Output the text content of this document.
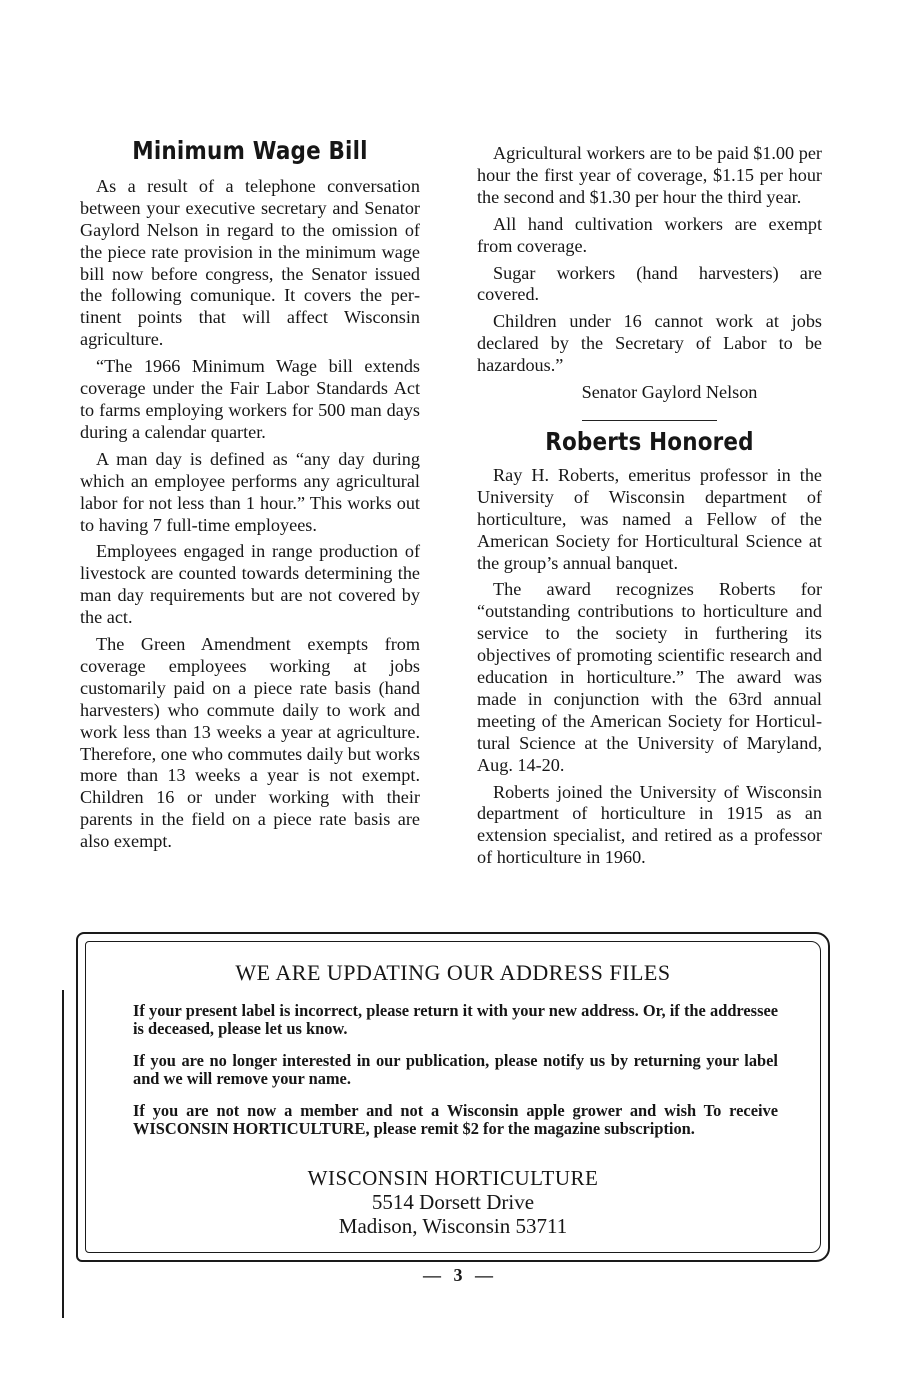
Minimum Wage Bill

As a result of a telephone conversation between your executive secretary and Senator Gaylord Nelson in regard to the omission of the piece rate provision in the minimum wage bill now before congress, the Senator issued the following comunique. It covers the pertinent points that will affect Wisconsin agriculture.

“The 1966 Minimum Wage bill extends coverage under the Fair Labor Standards Act to farms employing workers for 500 man days during a calendar quarter.

A man day is defined as “any day during which an employee performs any agricultural labor for not less than 1 hour.” This works out to having 7 full-time employees.

Employees engaged in range production of livestock are counted towards determining the man day requirements but are not covered by the act.

The Green Amendment exempts from coverage employees working at jobs customarily paid on a piece rate basis (hand harvesters) who commute daily to work and work less than 13 weeks a year at agriculture. Therefore, one who commutes daily but works more than 13 weeks a year is not exempt. Children 16 or under working with their parents in the field on a piece rate basis are also exempt.

Agricultural workers are to be paid $1.00 per hour the first year of coverage, $1.15 per hour the second and $1.30 per hour the third year.

All hand cultivation workers are exempt from coverage.

Sugar workers (hand harvesters) are covered.

Children under 16 cannot work at jobs declared by the Secretary of Labor to be hazardous.”

Senator Gaylord Nelson

Roberts Honored

Ray H. Roberts, emeritus professor in the University of Wisconsin department of horticulture, was named a Fellow of the American Society for Horticultural Science at the group’s annual banquet.

The award recognizes Roberts for “outstanding contributions to horticulture and service to the society in furthering its objectives of promoting scientific research and education in horticulture.” The award was made in conjunction with the 63rd annual meeting of the American Society for Horticultural Science at the University of Maryland, Aug. 14-20.

Roberts joined the University of Wisconsin department of horticulture in 1915 as an extension specialist, and retired as a professor of horticulture in 1960.

WE ARE UPDATING OUR ADDRESS FILES
If your present label is incorrect, please return it with your new address. Or, if the addressee is deceased, please let us know.
If you are no longer interested in our publication, please notify us by returning your label and we will remove your name.
If you are not now a member and not a Wisconsin apple grower and wish To receive WISCONSIN HORTICULTURE, please remit $2 for the magazine subscription.
WISCONSIN HORTICULTURE
5514 Dorsett Drive
Madison, Wisconsin 53711
— 3 —
